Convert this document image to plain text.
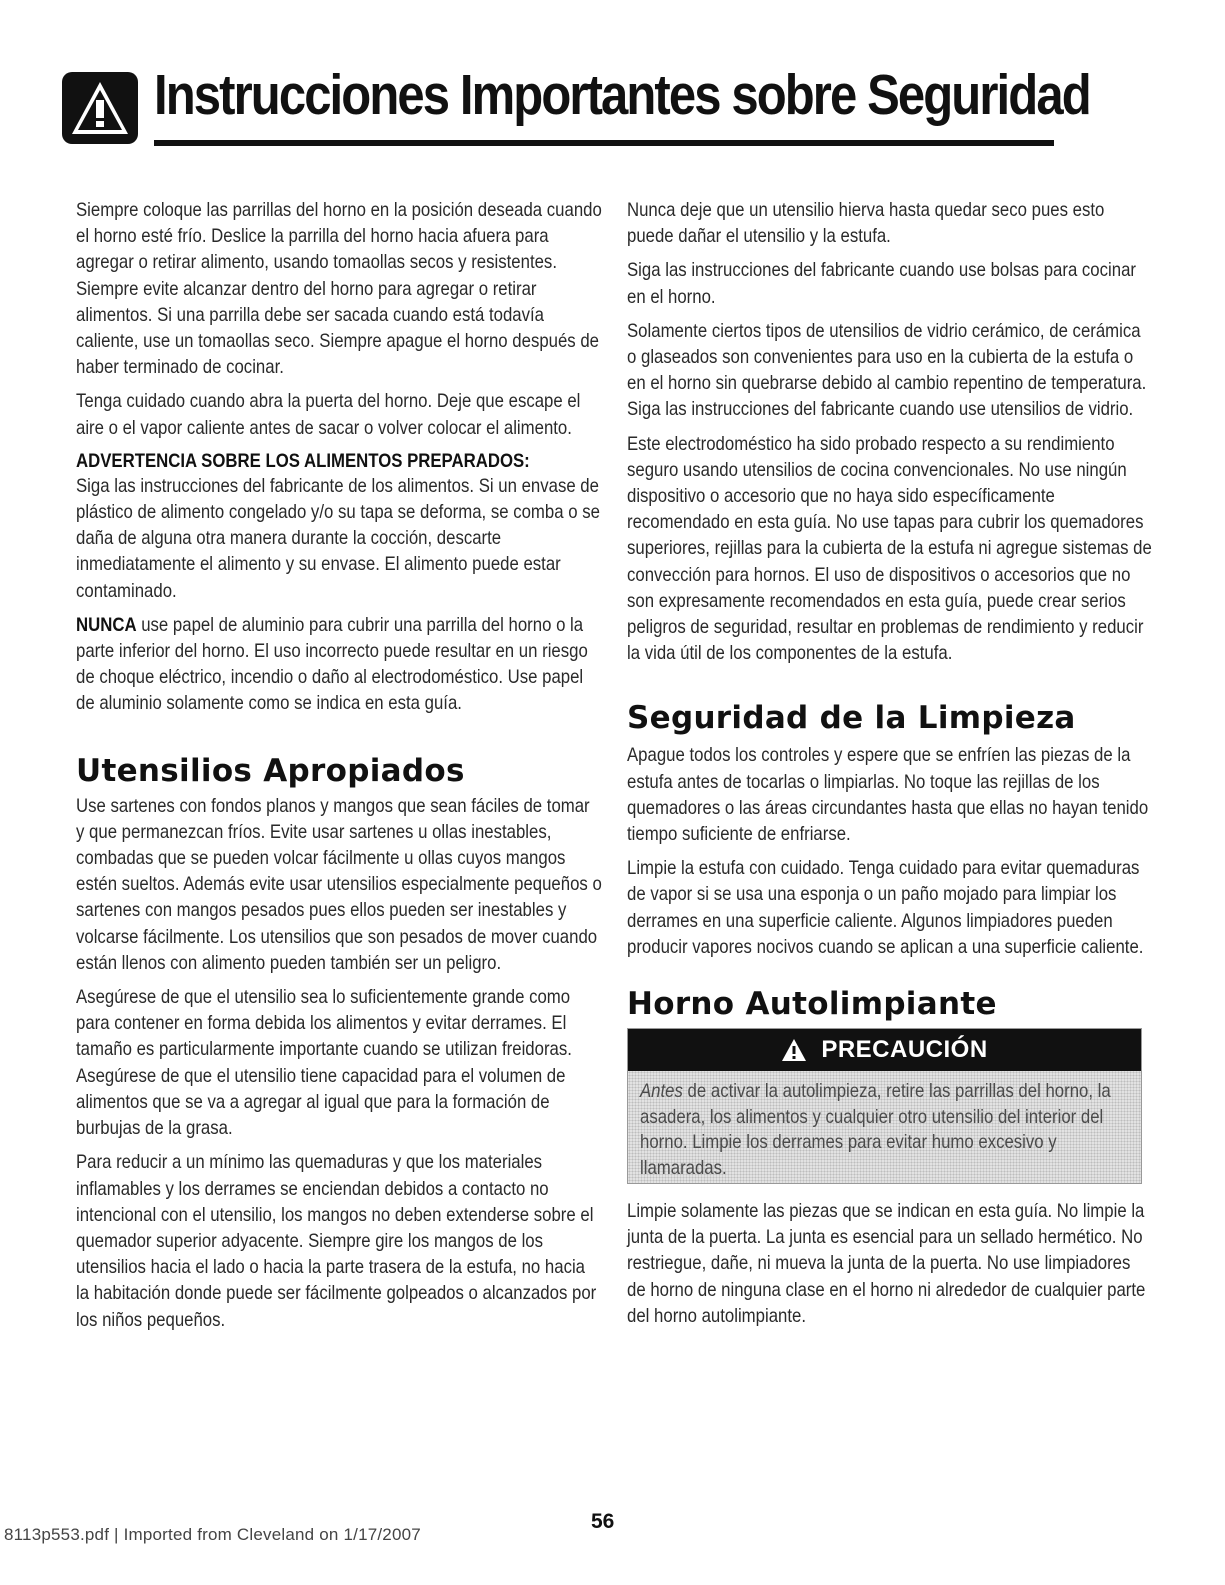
Instrucciones Importantes sobre Seguridad

Siempre coloque las parrillas del horno en la posición deseada cuando el horno esté frío. Deslice la parrilla del horno hacia afuera para agregar o retirar alimento, usando tomaollas secos y resistentes. Siempre evite alcanzar dentro del horno para agregar o retirar alimentos. Si una parrilla debe ser sacada cuando está todavía caliente, use un tomaollas seco. Siempre apague el horno después de haber terminado de cocinar.

Tenga cuidado cuando abra la puerta del horno. Deje que escape el aire o el vapor caliente antes de sacar o volver colocar el alimento.

ADVERTENCIA SOBRE LOS ALIMENTOS PREPARADOS:

Siga las instrucciones del fabricante de los alimentos. Si un envase de plástico de alimento congelado y/o su tapa se deforma, se comba o se daña de alguna otra manera durante la cocción, descarte inmediatamente el alimento y su envase. El alimento puede estar contaminado.

NUNCA use papel de aluminio para cubrir una parrilla del horno o la parte inferior del horno. El uso incorrecto puede resultar en un riesgo de choque eléctrico, incendio o daño al electrodoméstico. Use papel de aluminio solamente como se indica en esta guía.

Utensilios Apropiados

Use sartenes con fondos planos y mangos que sean fáciles de tomar y que permanezcan fríos. Evite usar sartenes u ollas inestables, combadas que se pueden volcar fácilmente u ollas cuyos mangos estén sueltos. Además evite usar utensilios especialmente pequeños o sartenes con mangos pesados pues ellos pueden ser inestables y volcarse fácilmente. Los utensilios que son pesados de mover cuando están llenos con alimento pueden también ser un peligro.

Asegúrese de que el utensilio sea lo suficientemente grande como para contener en forma debida los alimentos y evitar derrames. El tamaño es particularmente importante cuando se utilizan freidoras. Asegúrese de que el utensilio tiene capacidad para el volumen de alimentos que se va a agregar al igual que para la formación de burbujas de la grasa.

Para reducir a un mínimo las quemaduras y que los materiales inflamables y los derrames se enciendan debidos a contacto no intencional con el utensilio, los mangos no deben extenderse sobre el quemador superior adyacente. Siempre gire los mangos de los utensilios hacia el lado o hacia la parte trasera de la estufa, no hacia la habitación donde puede ser fácilmente golpeados o alcanzados por los niños pequeños.

Nunca deje que un utensilio hierva hasta quedar seco pues esto puede dañar el utensilio y la estufa.

Siga las instrucciones del fabricante cuando use bolsas para cocinar en el horno.

Solamente ciertos tipos de utensilios de vidrio cerámico, de cerámica o glaseados son convenientes para uso en la cubierta de la estufa o en el horno sin quebrarse debido al cambio repentino de temperatura. Siga las instrucciones del fabricante cuando use utensilios de vidrio.

Este electrodoméstico ha sido probado respecto a su rendimiento seguro usando utensilios de cocina convencionales. No use ningún dispositivo o accesorio que no haya sido específicamente recomendado en esta guía. No use tapas para cubrir los quemadores superiores, rejillas para la cubierta de la estufa ni agregue sistemas de convección para hornos. El uso de dispositivos o accesorios que no son expresamente recomendados en esta guía, puede crear serios peligros de seguridad, resultar en problemas de rendimiento y reducir la vida útil de los componentes de la estufa.

Seguridad de la Limpieza

Apague todos los controles y espere que se enfríen las piezas de la estufa antes de tocarlas o limpiarlas. No toque las rejillas de los quemadores o las áreas circundantes hasta que ellas no hayan tenido tiempo suficiente de enfriarse.

Limpie la estufa con cuidado. Tenga cuidado para evitar quemaduras de vapor si se usa una esponja o un paño mojado para limpiar los derrames en una superficie caliente. Algunos limpiadores pueden producir vapores nocivos cuando se aplican a una superficie caliente.

Horno Autolimpiante
PRECAUCIÓN

Antes de activar la autolimpieza, retire las parrillas del horno, la asadera, los alimentos y cualquier otro utensilio del interior del horno. Limpie los derrames para evitar humo excesivo y llamaradas.

Limpie solamente las piezas que se indican en esta guía. No limpie la junta de la puerta. La junta es esencial para un sellado hermético. No restriegue, dañe, ni mueva la junta de la puerta. No use limpiadores de horno de ninguna clase en el horno ni alrededor de cualquier parte del horno autolimpiante.

8113p553.pdf | Imported from Cleveland on 1/17/2007
56
